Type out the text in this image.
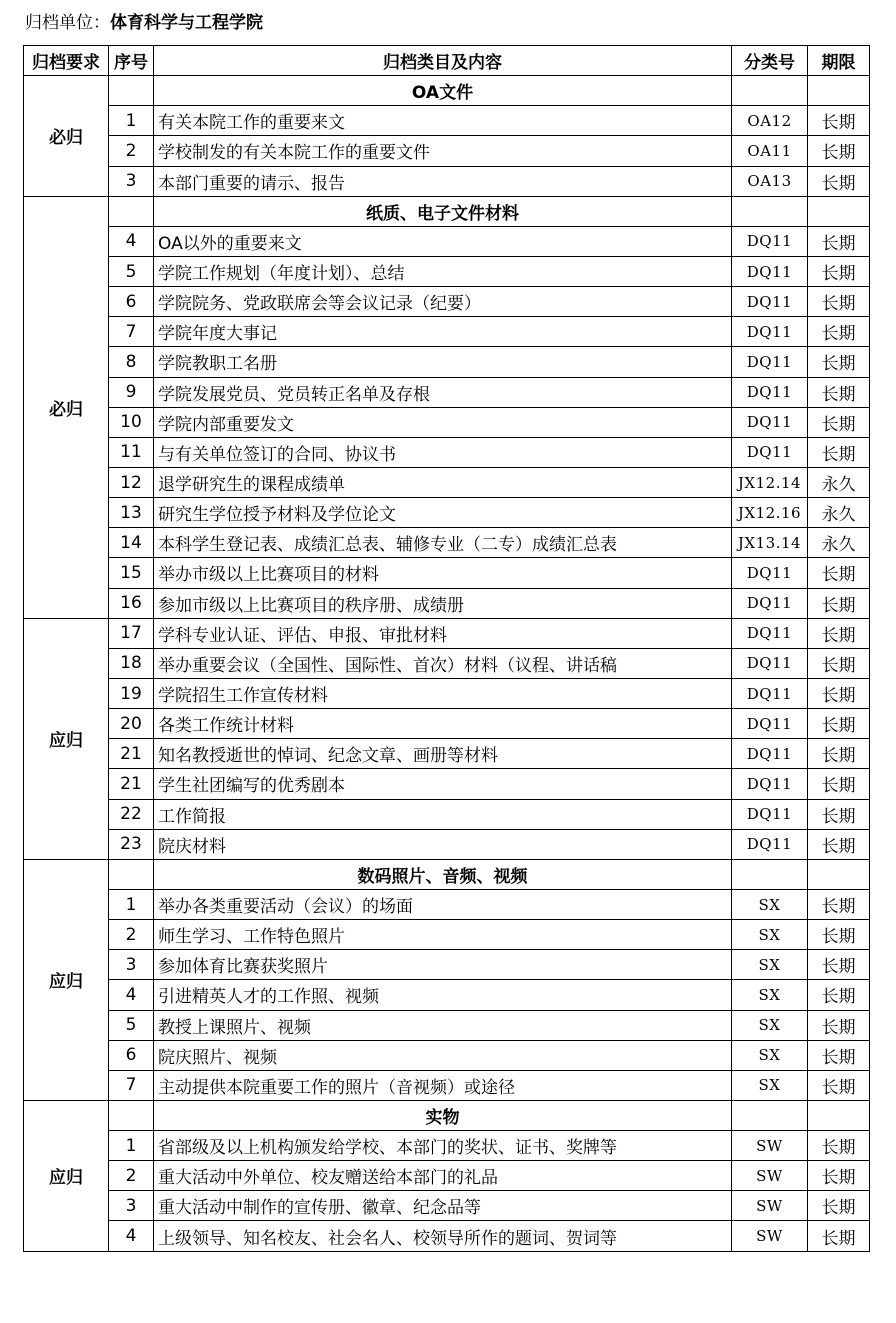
归档单位：体育科学与工程学院
归档要求	序号	归档类目及内容	分类号	期限
必归		OA文件		
	1	有关本院工作的重要来文	OA12	长期
	2	学校制发的有关本院工作的重要文件	OA11	长期
	3	本部门重要的请示、报告	OA13	长期
必归		纸质、电子文件材料		
	4	OA以外的重要来文	DQ11	长期
	5	学院工作规划（年度计划）、总结	DQ11	长期
	6	学院院务、党政联席会等会议记录（纪要）	DQ11	长期
	7	学院年度大事记	DQ11	长期
	8	学院教职工名册	DQ11	长期
	9	学院发展党员、党员转正名单及存根	DQ11	长期
	10	学院内部重要发文	DQ11	长期
	11	与有关单位签订的合同、协议书	DQ11	长期
	12	退学研究生的课程成绩单	JX12.14	永久
	13	研究生学位授予材料及学位论文	JX12.16	永久
	14	本科学生登记表、成绩汇总表、辅修专业（二专）成绩汇总表	JX13.14	永久
	15	举办市级以上比赛项目的材料	DQ11	长期
	16	参加市级以上比赛项目的秩序册、成绩册	DQ11	长期
应归	17	学科专业认证、评估、申报、审批材料	DQ11	长期
	18	举办重要会议（全国性、国际性、首次）材料（议程、讲话稿	DQ11	长期
	19	学院招生工作宣传材料	DQ11	长期
	20	各类工作统计材料	DQ11	长期
	21	知名教授逝世的悼词、纪念文章、画册等材料	DQ11	长期
	21	学生社团编写的优秀剧本	DQ11	长期
	22	工作简报	DQ11	长期
	23	院庆材料	DQ11	长期
应归		数码照片、音频、视频		
	1	举办各类重要活动（会议）的场面	SX	长期
	2	师生学习、工作特色照片	SX	长期
	3	参加体育比赛获奖照片	SX	长期
	4	引进精英人才的工作照、视频	SX	长期
	5	教授上课照片、视频	SX	长期
	6	院庆照片、视频	SX	长期
	7	主动提供本院重要工作的照片（音视频）或途径	SX	长期
应归		实物		
	1	省部级及以上机构颁发给学校、本部门的奖状、证书、奖牌等	SW	长期
	2	重大活动中外单位、校友赠送给本部门的礼品	SW	长期
	3	重大活动中制作的宣传册、徽章、纪念品等	SW	长期
	4	上级领导、知名校友、社会名人、校领导所作的题词、贺词等	SW	长期
